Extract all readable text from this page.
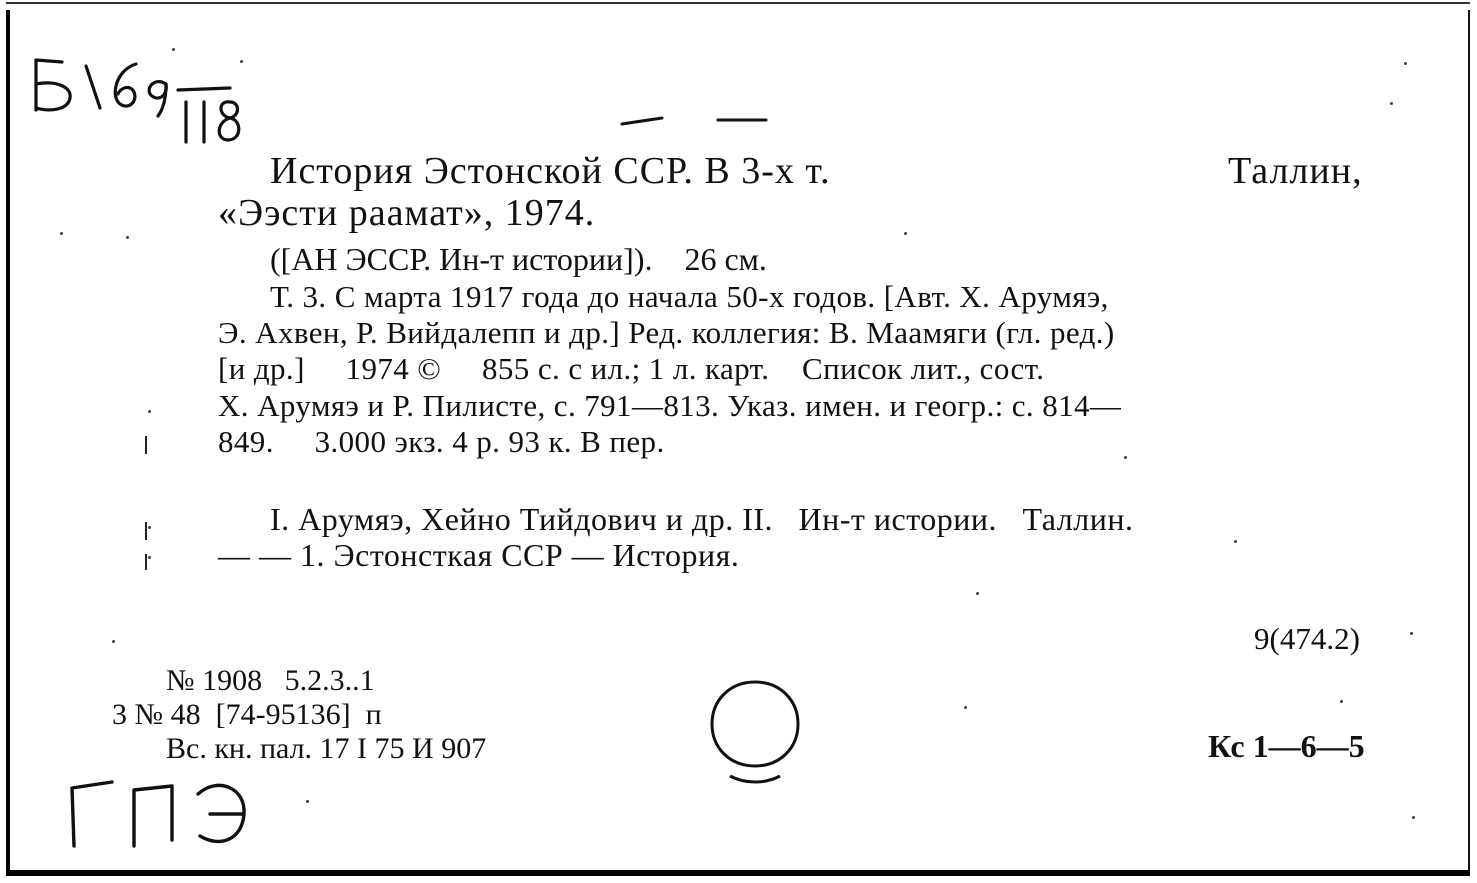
История Эстонской ССР. В 3-х т.	Таллин,
«Ээсти раамат», 1974.
([АН ЭССР. Ин-т истории]).    26 см.
Т. 3. С марта 1917 года до начала 50-х годов. [Авт. Х. Арумяэ,
Э. Ахвен, Р. Вийдалепп и др.] Ред. коллегия: В. Маамяги (гл. ред.)
[и др.]     1974 ©     855 с. с ил.; 1 л. карт.    Список лит., сост.
Х. Арумяэ и Р. Пилисте, с. 791—813. Указ. имен. и геогр.: с. 814—
849.     3.000 экз. 4 р. 93 к. В пер.
I. Арумяэ, Хейно Тийдович и др. II.   Ин-т истории.   Таллин.
— — 1. Эстонсткая ССР — История.
9(474.2)
№ 1908   5.2.3..1
3 № 48  [74-95136]  п
Вс. кн. пал. 17 I 75 И 907	Кс 1—6—5
